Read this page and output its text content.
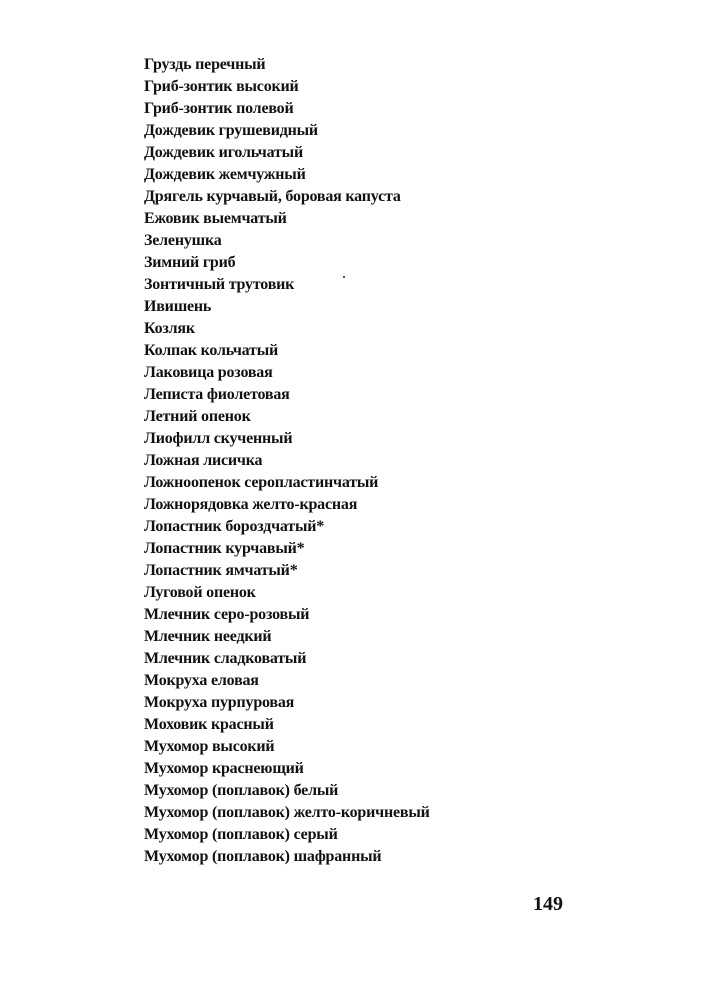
Груздь перечный
Гриб-зонтик высокий
Гриб-зонтик полевой
Дождевик грушевидный
Дождевик игольчатый
Дождевик жемчужный
Дрягель курчавый, боровая капуста
Ежовик выемчатый
Зеленушка
Зимний гриб
Зонтичный трутовик
Ивишень
Козляк
Колпак кольчатый
Лаковица розовая
Леписта фиолетовая
Летний опенок
Лиофилл скученный
Ложная лисичка
Ложноопенок серопластинчатый
Ложнорядовка желто-красная
Лопастник бороздчатый*
Лопастник курчавый*
Лопастник ямчатый*
Луговой опенок
Млечник серо-розовый
Млечник неедкий
Млечник сладковатый
Мокруха еловая
Мокруха пурпуровая
Моховик красный
Мухомор высокий
Мухомор краснеющий
Мухомор (поплавок) белый
Мухомор (поплавок) желто-коричневый
Мухомор (поплавок) серый
Мухомор (поплавок) шафранный
149
